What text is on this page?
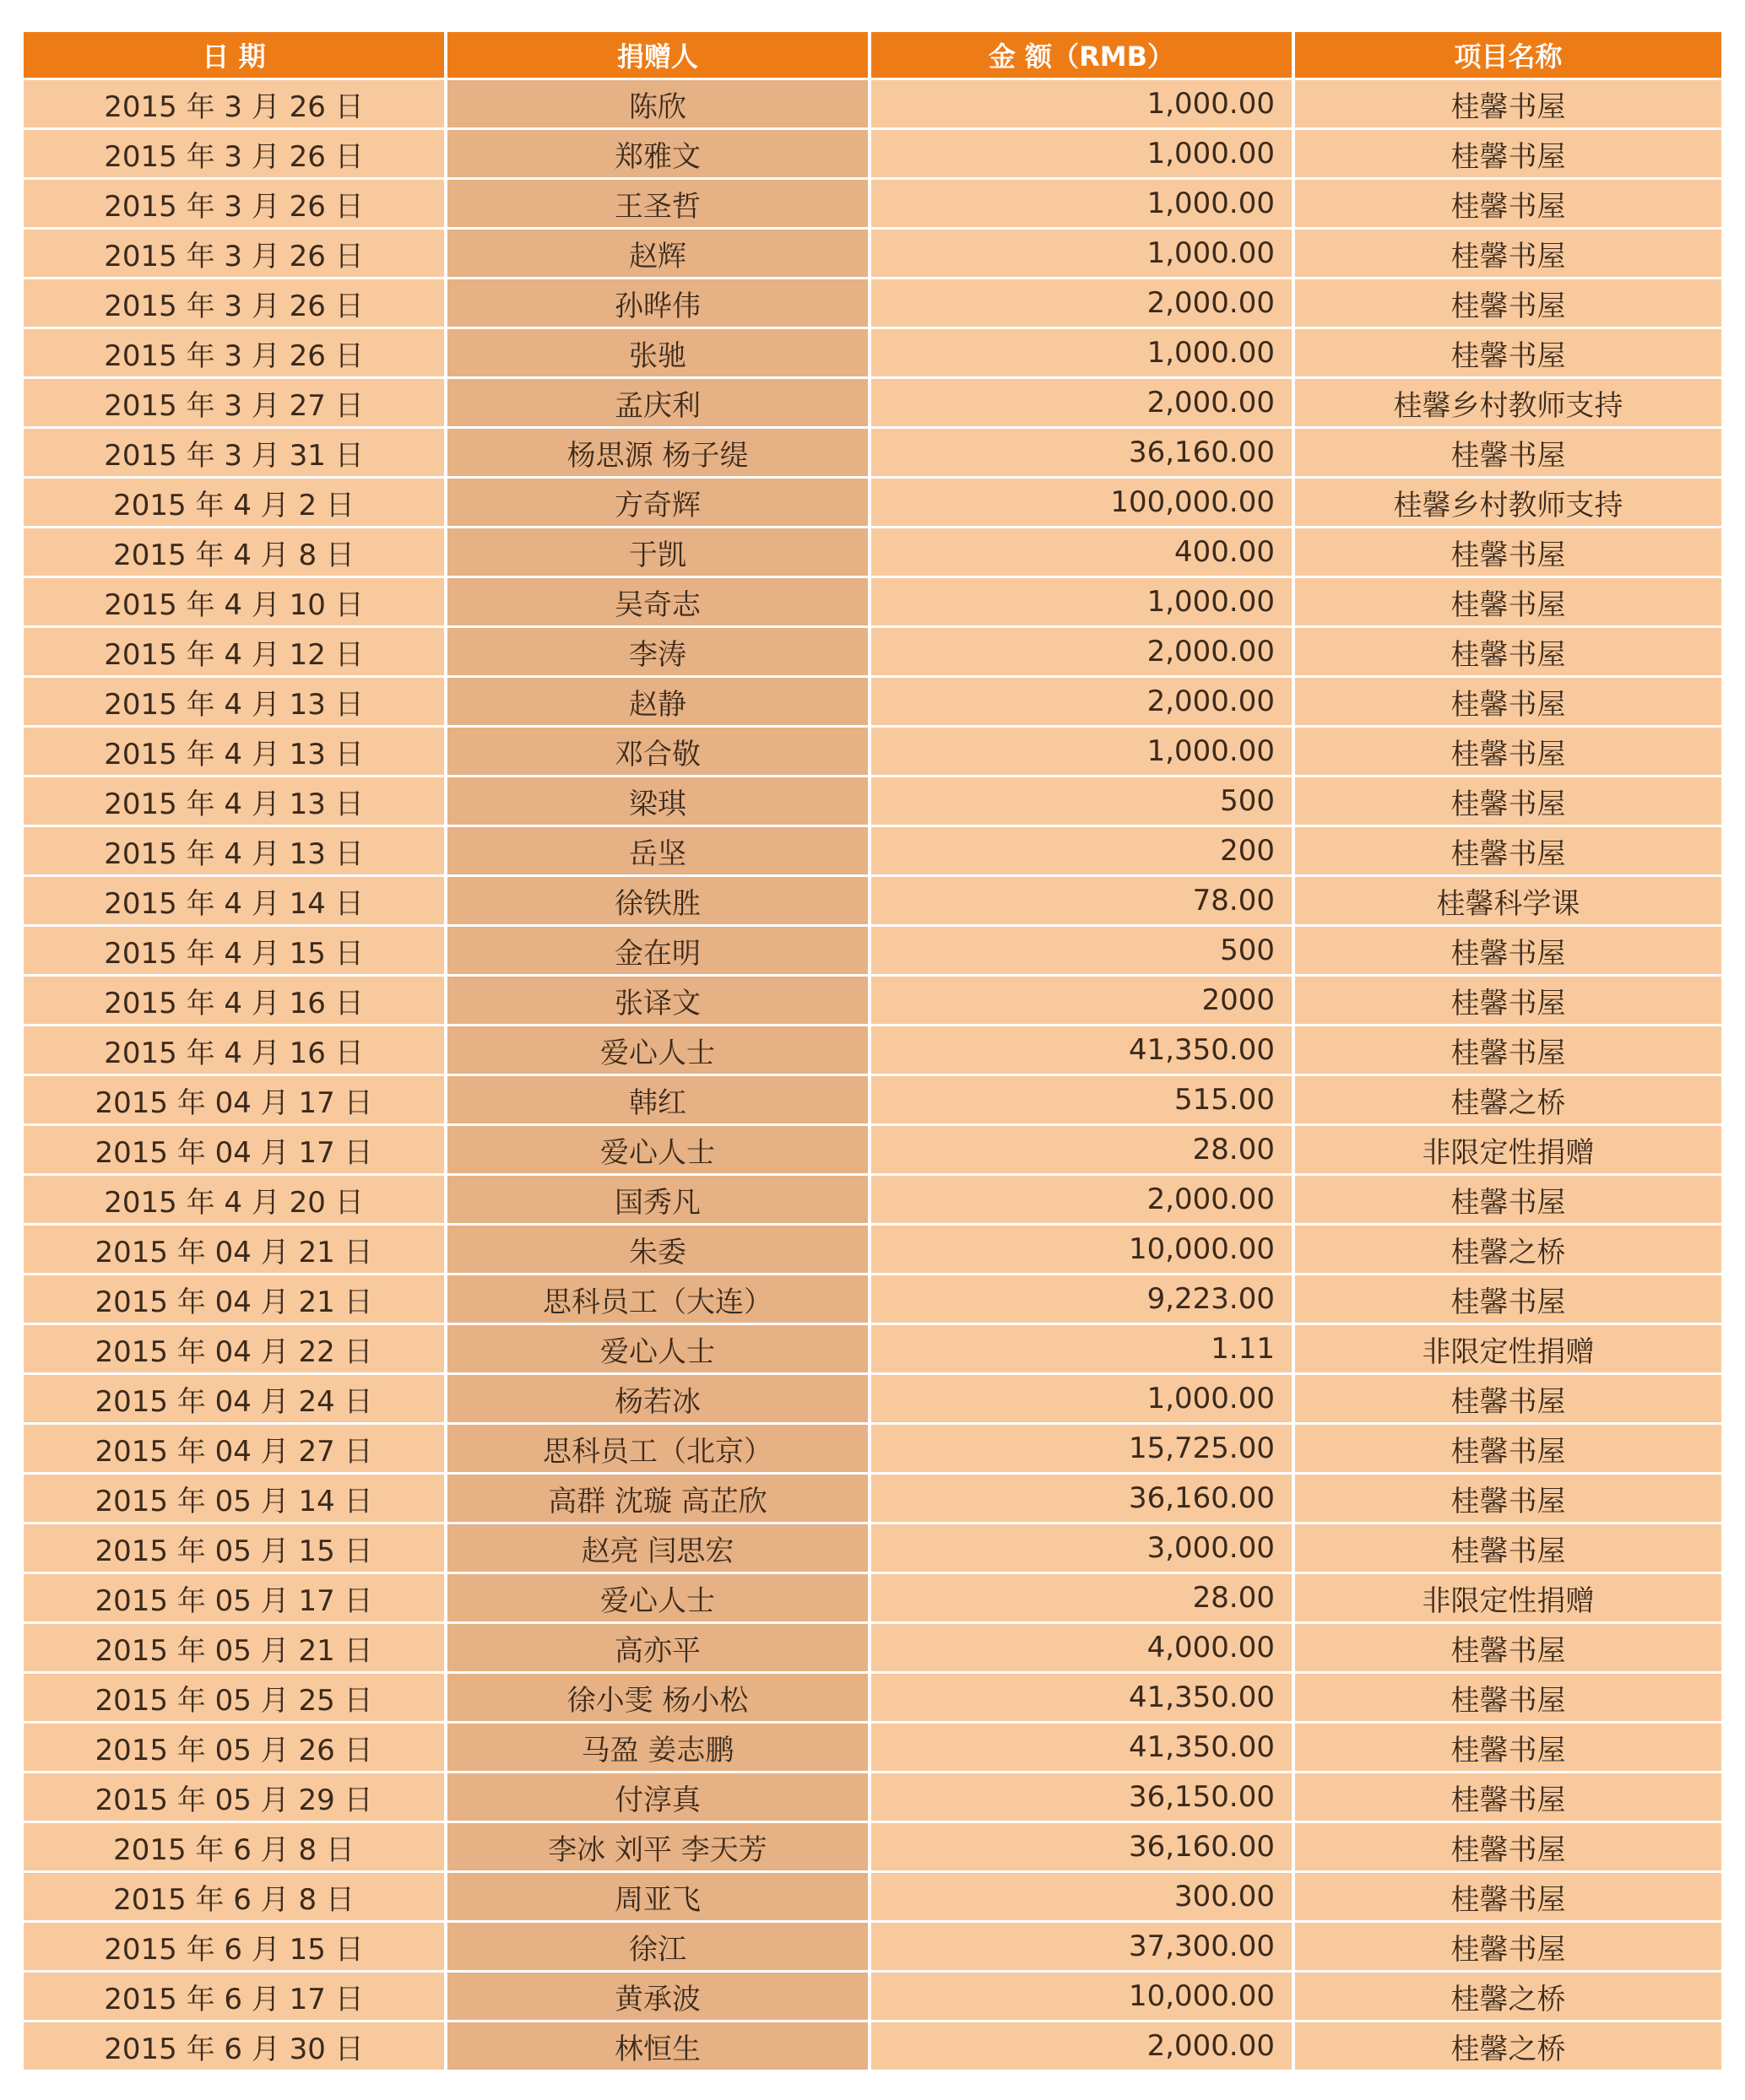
日 期	捐赠人	金 额（RMB）	项目名称
2015 年 3 月 26 日	陈欣	1,000.00	桂馨书屋
2015 年 3 月 26 日	郑雅文	1,000.00	桂馨书屋
2015 年 3 月 26 日	王圣哲	1,000.00	桂馨书屋
2015 年 3 月 26 日	赵辉	1,000.00	桂馨书屋
2015 年 3 月 26 日	孙晔伟	2,000.00	桂馨书屋
2015 年 3 月 26 日	张驰	1,000.00	桂馨书屋
2015 年 3 月 27 日	孟庆利	2,000.00	桂馨乡村教师支持
2015 年 3 月 31 日	杨思源 杨子缇	36,160.00	桂馨书屋
2015 年 4 月 2 日	方奇辉	100,000.00	桂馨乡村教师支持
2015 年 4 月 8 日	于凯	400.00	桂馨书屋
2015 年 4 月 10 日	吴奇志	1,000.00	桂馨书屋
2015 年 4 月 12 日	李涛	2,000.00	桂馨书屋
2015 年 4 月 13 日	赵静	2,000.00	桂馨书屋
2015 年 4 月 13 日	邓合敬	1,000.00	桂馨书屋
2015 年 4 月 13 日	梁琪	500	桂馨书屋
2015 年 4 月 13 日	岳坚	200	桂馨书屋
2015 年 4 月 14 日	徐铁胜	78.00	桂馨科学课
2015 年 4 月 15 日	金在明	500	桂馨书屋
2015 年 4 月 16 日	张译文	2000	桂馨书屋
2015 年 4 月 16 日	爱心人士	41,350.00	桂馨书屋
2015 年 04 月 17 日	韩红	515.00	桂馨之桥
2015 年 04 月 17 日	爱心人士	28.00	非限定性捐赠
2015 年 4 月 20 日	国秀凡	2,000.00	桂馨书屋
2015 年 04 月 21 日	朱委	10,000.00	桂馨之桥
2015 年 04 月 21 日	思科员工（大连）	9,223.00	桂馨书屋
2015 年 04 月 22 日	爱心人士	1.11	非限定性捐赠
2015 年 04 月 24 日	杨若冰	1,000.00	桂馨书屋
2015 年 04 月 27 日	思科员工（北京）	15,725.00	桂馨书屋
2015 年 05 月 14 日	高群 沈璇 高芷欣	36,160.00	桂馨书屋
2015 年 05 月 15 日	赵亮 闫思宏	3,000.00	桂馨书屋
2015 年 05 月 17 日	爱心人士	28.00	非限定性捐赠
2015 年 05 月 21 日	高亦平	4,000.00	桂馨书屋
2015 年 05 月 25 日	徐小雯 杨小松	41,350.00	桂馨书屋
2015 年 05 月 26 日	马盈 姜志鹏	41,350.00	桂馨书屋
2015 年 05 月 29 日	付淳真	36,150.00	桂馨书屋
2015 年 6 月 8 日	李冰 刘平 李天芳	36,160.00	桂馨书屋
2015 年 6 月 8 日	周亚飞	300.00	桂馨书屋
2015 年 6 月 15 日	徐江	37,300.00	桂馨书屋
2015 年 6 月 17 日	黄承波	10,000.00	桂馨之桥
2015 年 6 月 30 日	林恒生	2,000.00	桂馨之桥
